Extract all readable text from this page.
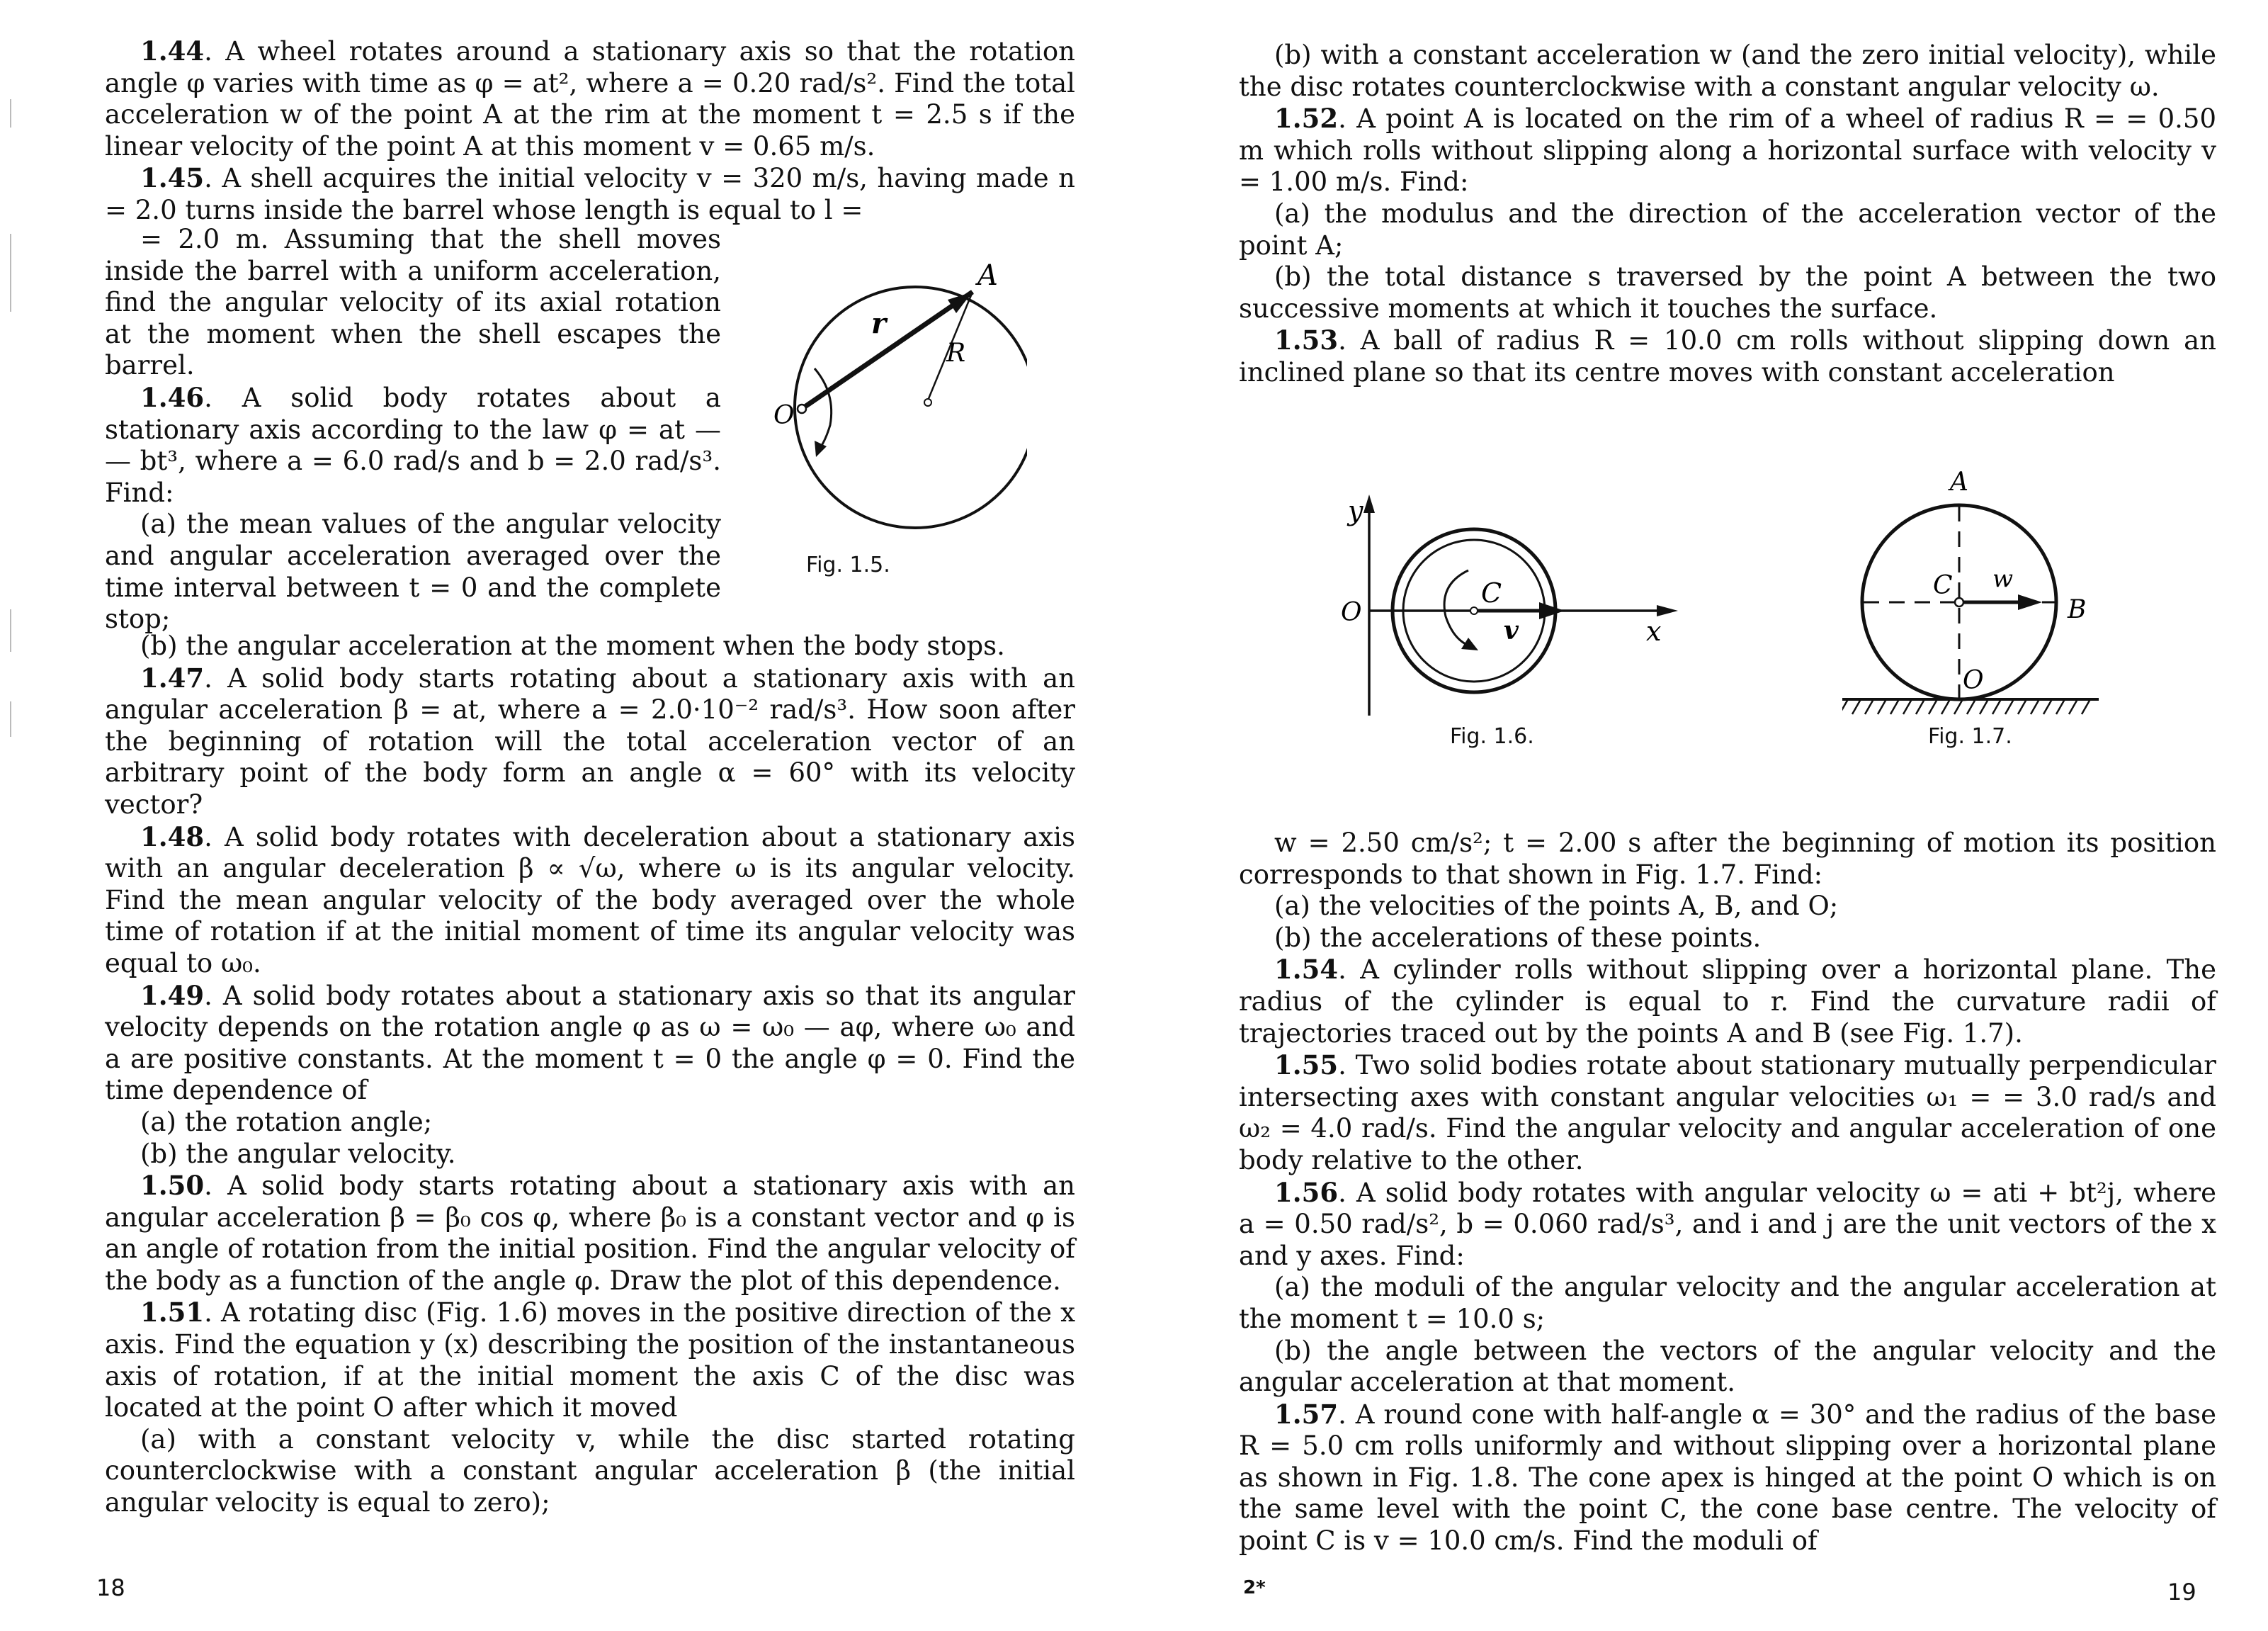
1.44. A wheel rotates around a stationary axis so that the rotation angle φ varies with time as φ = at², where a = 0.20 rad/s². Find the total acceleration w of the point A at the rim at the moment t = 2.5 s if the linear velocity of the point A at this moment v = 0.65 m/s.

1.45. A shell acquires the initial velocity v = 320 m/s, having made n = 2.0 turns inside the barrel whose length is equal to l =

= 2.0 m. Assuming that the shell moves inside the barrel with a uniform acceleration, find the angular velocity of its axial rotation at the moment when the shell escapes the barrel.

1.46. A solid body rotates about a stationary axis according to the law φ = at — — bt³, where a = 6.0 rad/s and b = 2.0 rad/s³. Find:

(a) the mean values of the angular velocity and angular acceleration averaged over the time interval between t = 0 and the complete stop;

(b) the angular acceleration at the moment when the body stops.

1.47. A solid body starts rotating about a stationary axis with an angular acceleration β = at, where a = 2.0·10⁻² rad/s³. How soon after the beginning of rotation will the total acceleration vector of an arbitrary point of the body form an angle α = 60° with its velocity vector?

1.48. A solid body rotates with deceleration about a stationary axis with an angular deceleration β ∝ √ω, where ω is its angular velocity. Find the mean angular velocity of the body averaged over the whole time of rotation if at the initial moment of time its angular velocity was equal to ω₀.

1.49. A solid body rotates about a stationary axis so that its angular velocity depends on the rotation angle φ as ω = ω₀ — aφ, where ω₀ and a are positive constants. At the moment t = 0 the angle φ = 0. Find the time dependence of

(a) the rotation angle;

(b) the angular velocity.

1.50. A solid body starts rotating about a stationary axis with an angular acceleration β = β₀ cos φ, where β₀ is a constant vector and φ is an angle of rotation from the initial position. Find the angular velocity of the body as a function of the angle φ. Draw the plot of this dependence.

1.51. A rotating disc (Fig. 1.6) moves in the positive direction of the x axis. Find the equation y (x) describing the position of the instantaneous axis of rotation, if at the initial moment the axis C of the disc was located at the point O after which it moved

(a) with a constant velocity v, while the disc started rotating counterclockwise with a constant angular acceleration β (the initial angular velocity is equal to zero);

A
r
R
O
Fig. 1.5.
18

(b) with a constant acceleration w (and the zero initial velocity), while the disc rotates counterclockwise with a constant angular velocity ω.

1.52. A point A is located on the rim of a wheel of radius R = = 0.50 m which rolls without slipping along a horizontal surface with velocity v = 1.00 m/s. Find:

(a) the modulus and the direction of the acceleration vector of the point A;

(b) the total distance s traversed by the point A between the two successive moments at which it touches the surface.

1.53. A ball of radius R = 10.0 cm rolls without slipping down an inclined plane so that its centre moves with constant acceleration

y
O
C
v	x
Fig. 1.6.
A
C w
B
O
Fig. 1.7.

w = 2.50 cm/s²; t = 2.00 s after the beginning of motion its position corresponds to that shown in Fig. 1.7. Find:

(a) the velocities of the points A, B, and O;

(b) the accelerations of these points.

1.54. A cylinder rolls without slipping over a horizontal plane. The radius of the cylinder is equal to r. Find the curvature radii of trajectories traced out by the points A and B (see Fig. 1.7).

1.55. Two solid bodies rotate about stationary mutually perpendicular intersecting axes with constant angular velocities ω₁ = = 3.0 rad/s and ω₂ = 4.0 rad/s. Find the angular velocity and angular acceleration of one body relative to the other.

1.56. A solid body rotates with angular velocity ω = ati + bt²j, where a = 0.50 rad/s², b = 0.060 rad/s³, and i and j are the unit vectors of the x and y axes. Find:

(a) the moduli of the angular velocity and the angular acceleration at the moment t = 10.0 s;

(b) the angle between the vectors of the angular velocity and the angular acceleration at that moment.

1.57. A round cone with half-angle α = 30° and the radius of the base R = 5.0 cm rolls uniformly and without slipping over a horizontal plane as shown in Fig. 1.8. The cone apex is hinged at the point O which is on the same level with the point C, the cone base centre. The velocity of point C is v = 10.0 cm/s. Find the moduli of

2*	19
